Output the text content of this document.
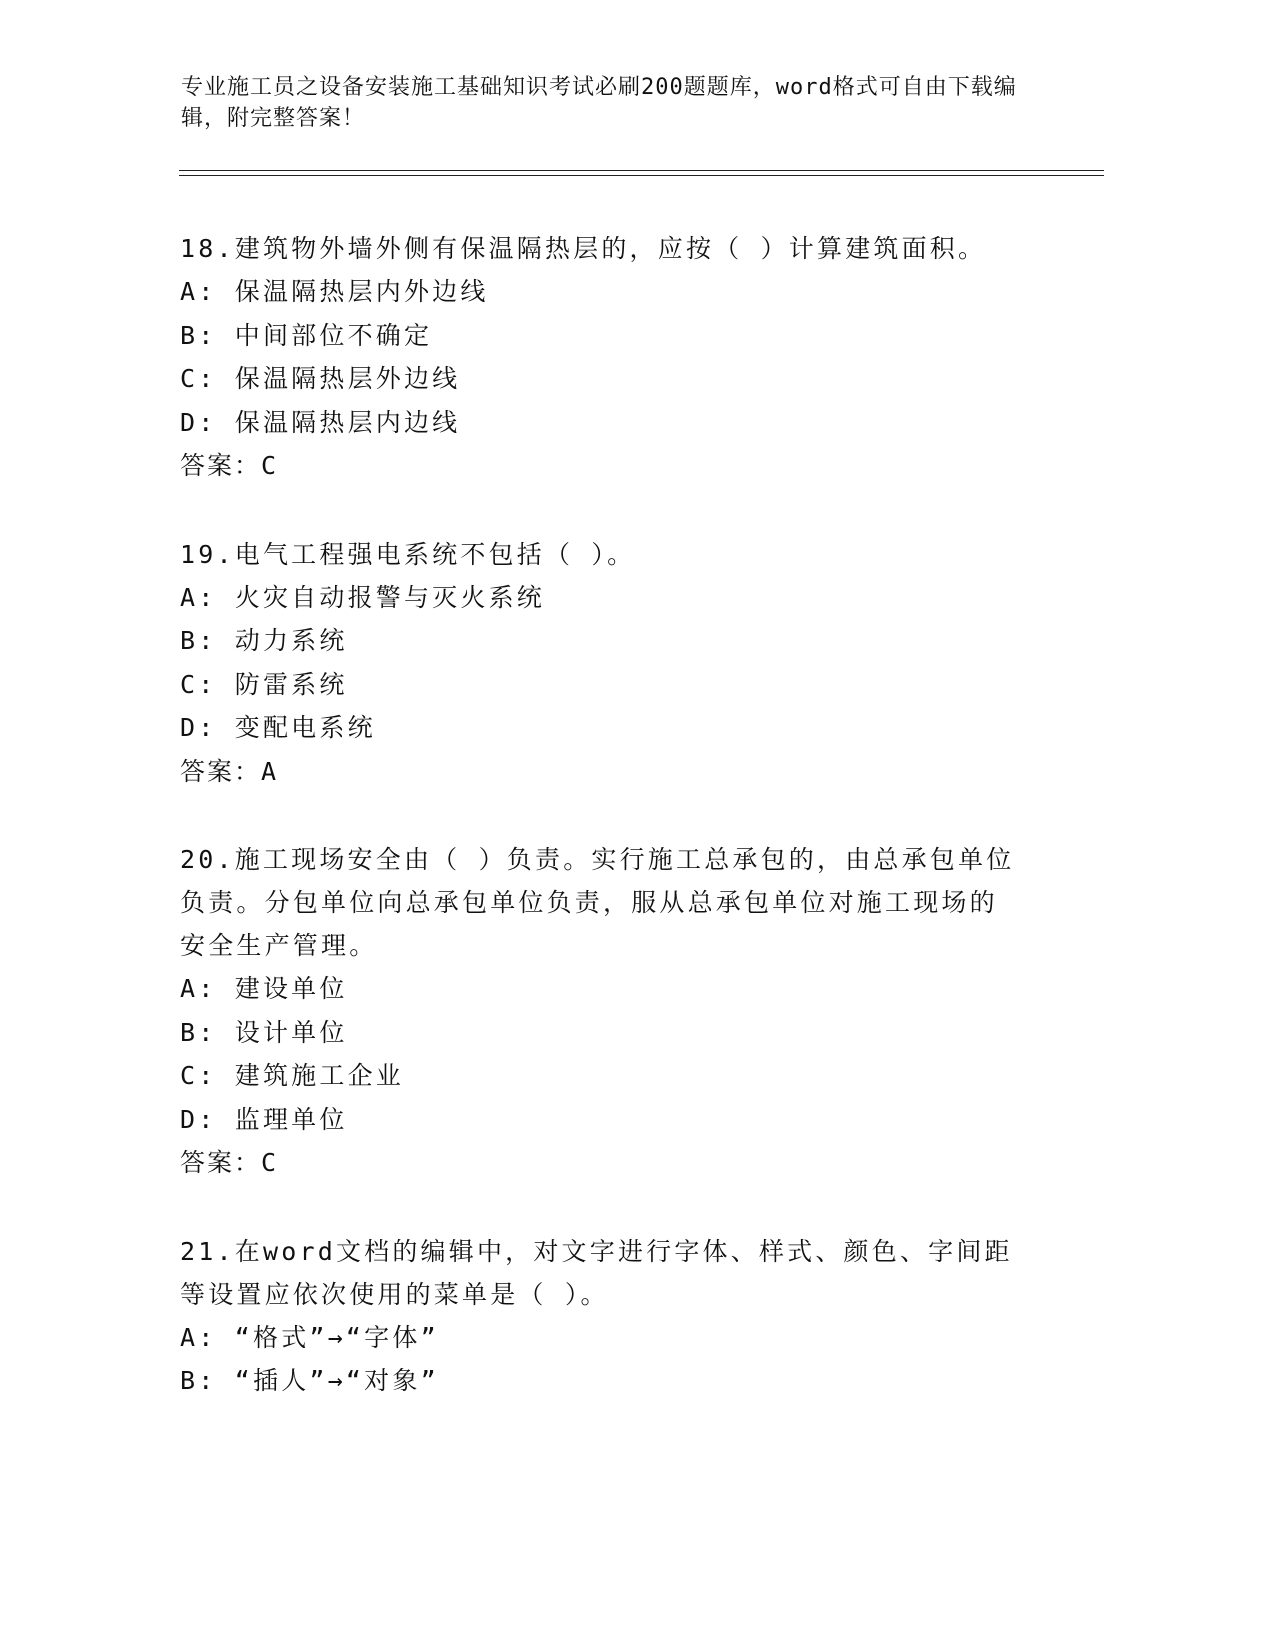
专业施工员之设备安装施工基础知识考试必刷200题题库，word格式可自由下载编辑，附完整答案！

18.建筑物外墙外侧有保温隔热层的，应按（ ）计算建筑面积。

A: 保温隔热层内外边线

B: 中间部位不确定

C: 保温隔热层外边线

D: 保温隔热层内边线

答案：C

19.电气工程强电系统不包括（ ）。

A: 火灾自动报警与灭火系统

B: 动力系统

C: 防雷系统

D: 变配电系统

答案：A

20.施工现场安全由（ ）负责。实行施工总承包的，由总承包单位负责。分包单位向总承包单位负责，服从总承包单位对施工现场的安全生产管理。

A: 建设单位

B: 设计单位

C: 建筑施工企业

D: 监理单位

答案：C

21.在word文档的编辑中，对文字进行字体、样式、颜色、字间距等设置应依次使用的菜单是（ ）。

A: “格式”→“字体”

B: “插人”→“对象”
